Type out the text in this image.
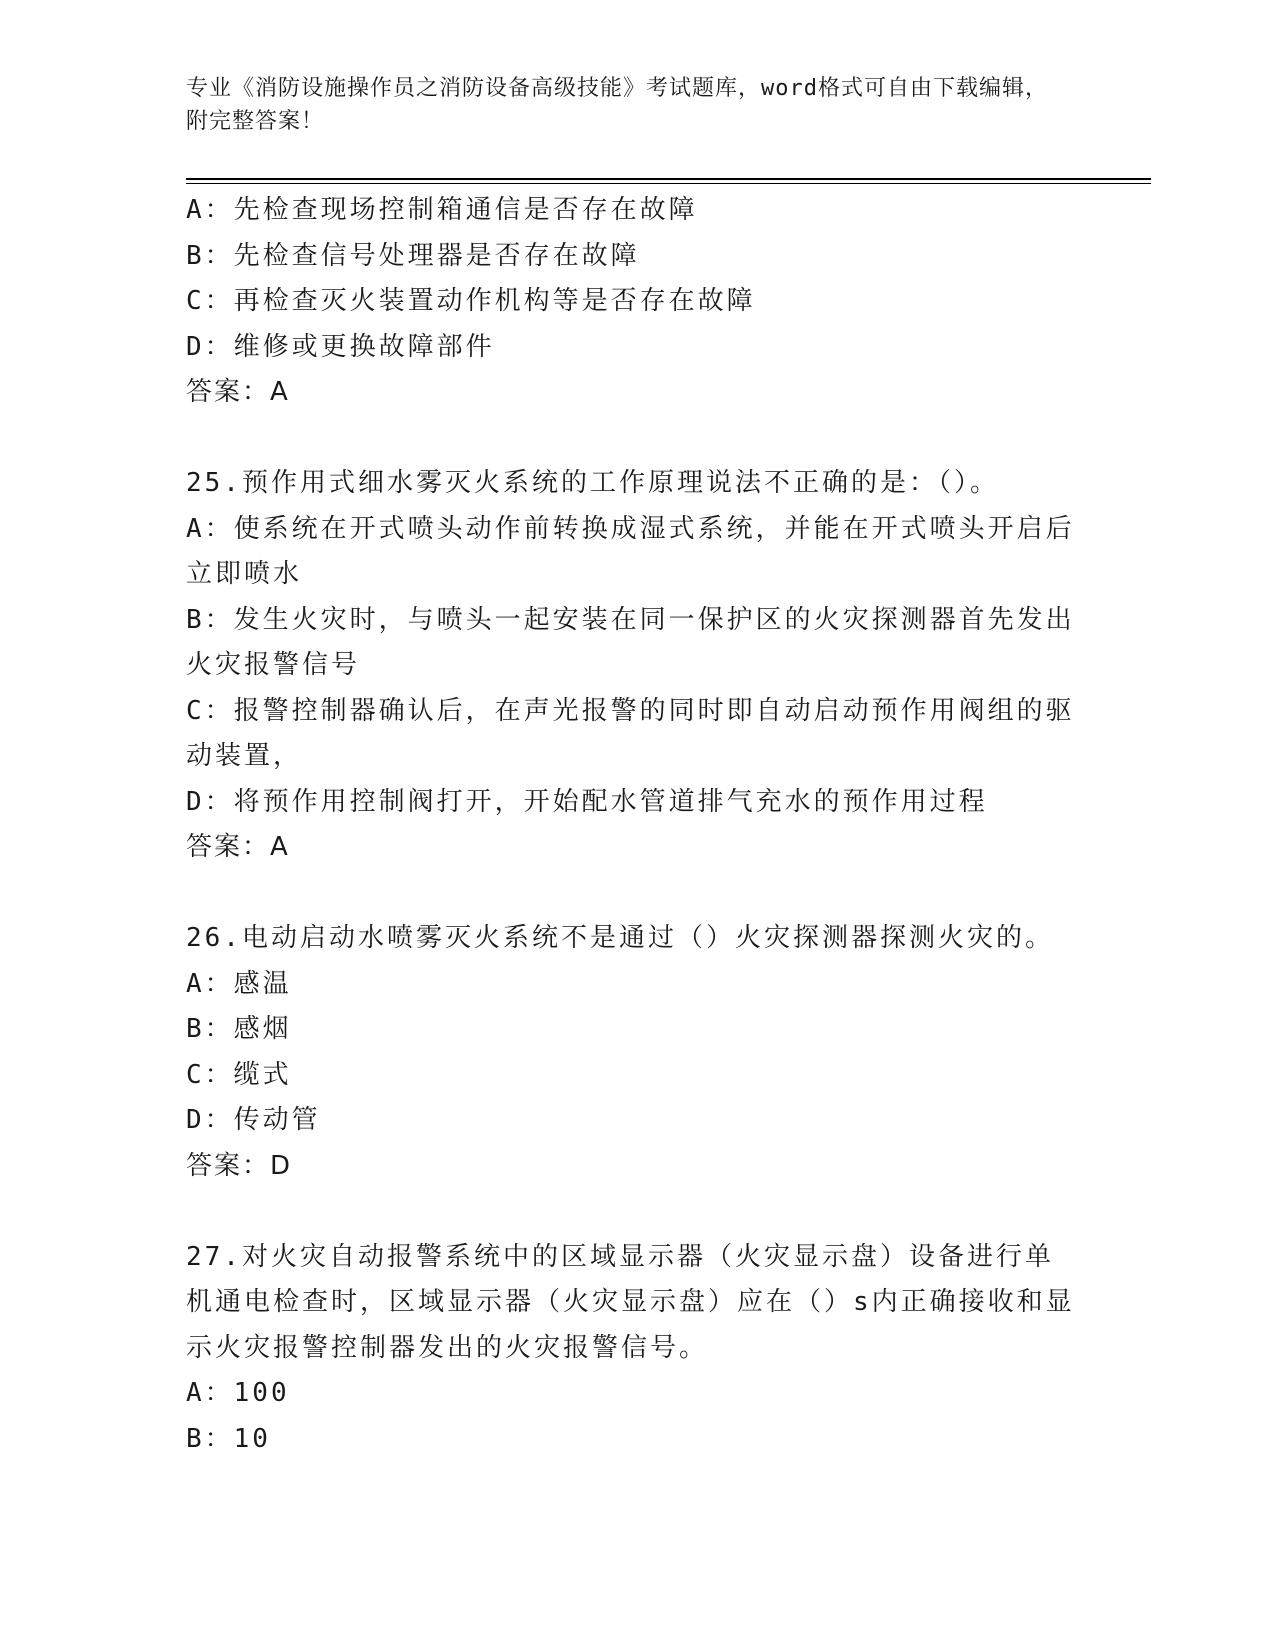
专业《消防设施操作员之消防设备高级技能》考试题库，word格式可自由下载编辑，附完整答案！

A：先检查现场控制箱通信是否存在故障

B：先检查信号处理器是否存在故障

C：再检查灭火装置动作机构等是否存在故障

D：维修或更换故障部件

答案：A

25.预作用式细水雾灭火系统的工作原理说法不正确的是：（）。

A：使系统在开式喷头动作前转换成湿式系统，并能在开式喷头开启后立即喷水

B：发生火灾时，与喷头一起安装在同一保护区的火灾探测器首先发出火灾报警信号

C：报警控制器确认后，在声光报警的同时即自动启动预作用阀组的驱动装置，

D：将预作用控制阀打开，开始配水管道排气充水的预作用过程

答案：A

26.电动启动水喷雾灭火系统不是通过（）火灾探测器探测火灾的。

A：感温

B：感烟

C：缆式

D：传动管

答案：D

27.对火灾自动报警系统中的区域显示器（火灾显示盘）设备进行单机通电检查时，区域显示器（火灾显示盘）应在（）s内正确接收和显示火灾报警控制器发出的火灾报警信号。

A：100

B：10
